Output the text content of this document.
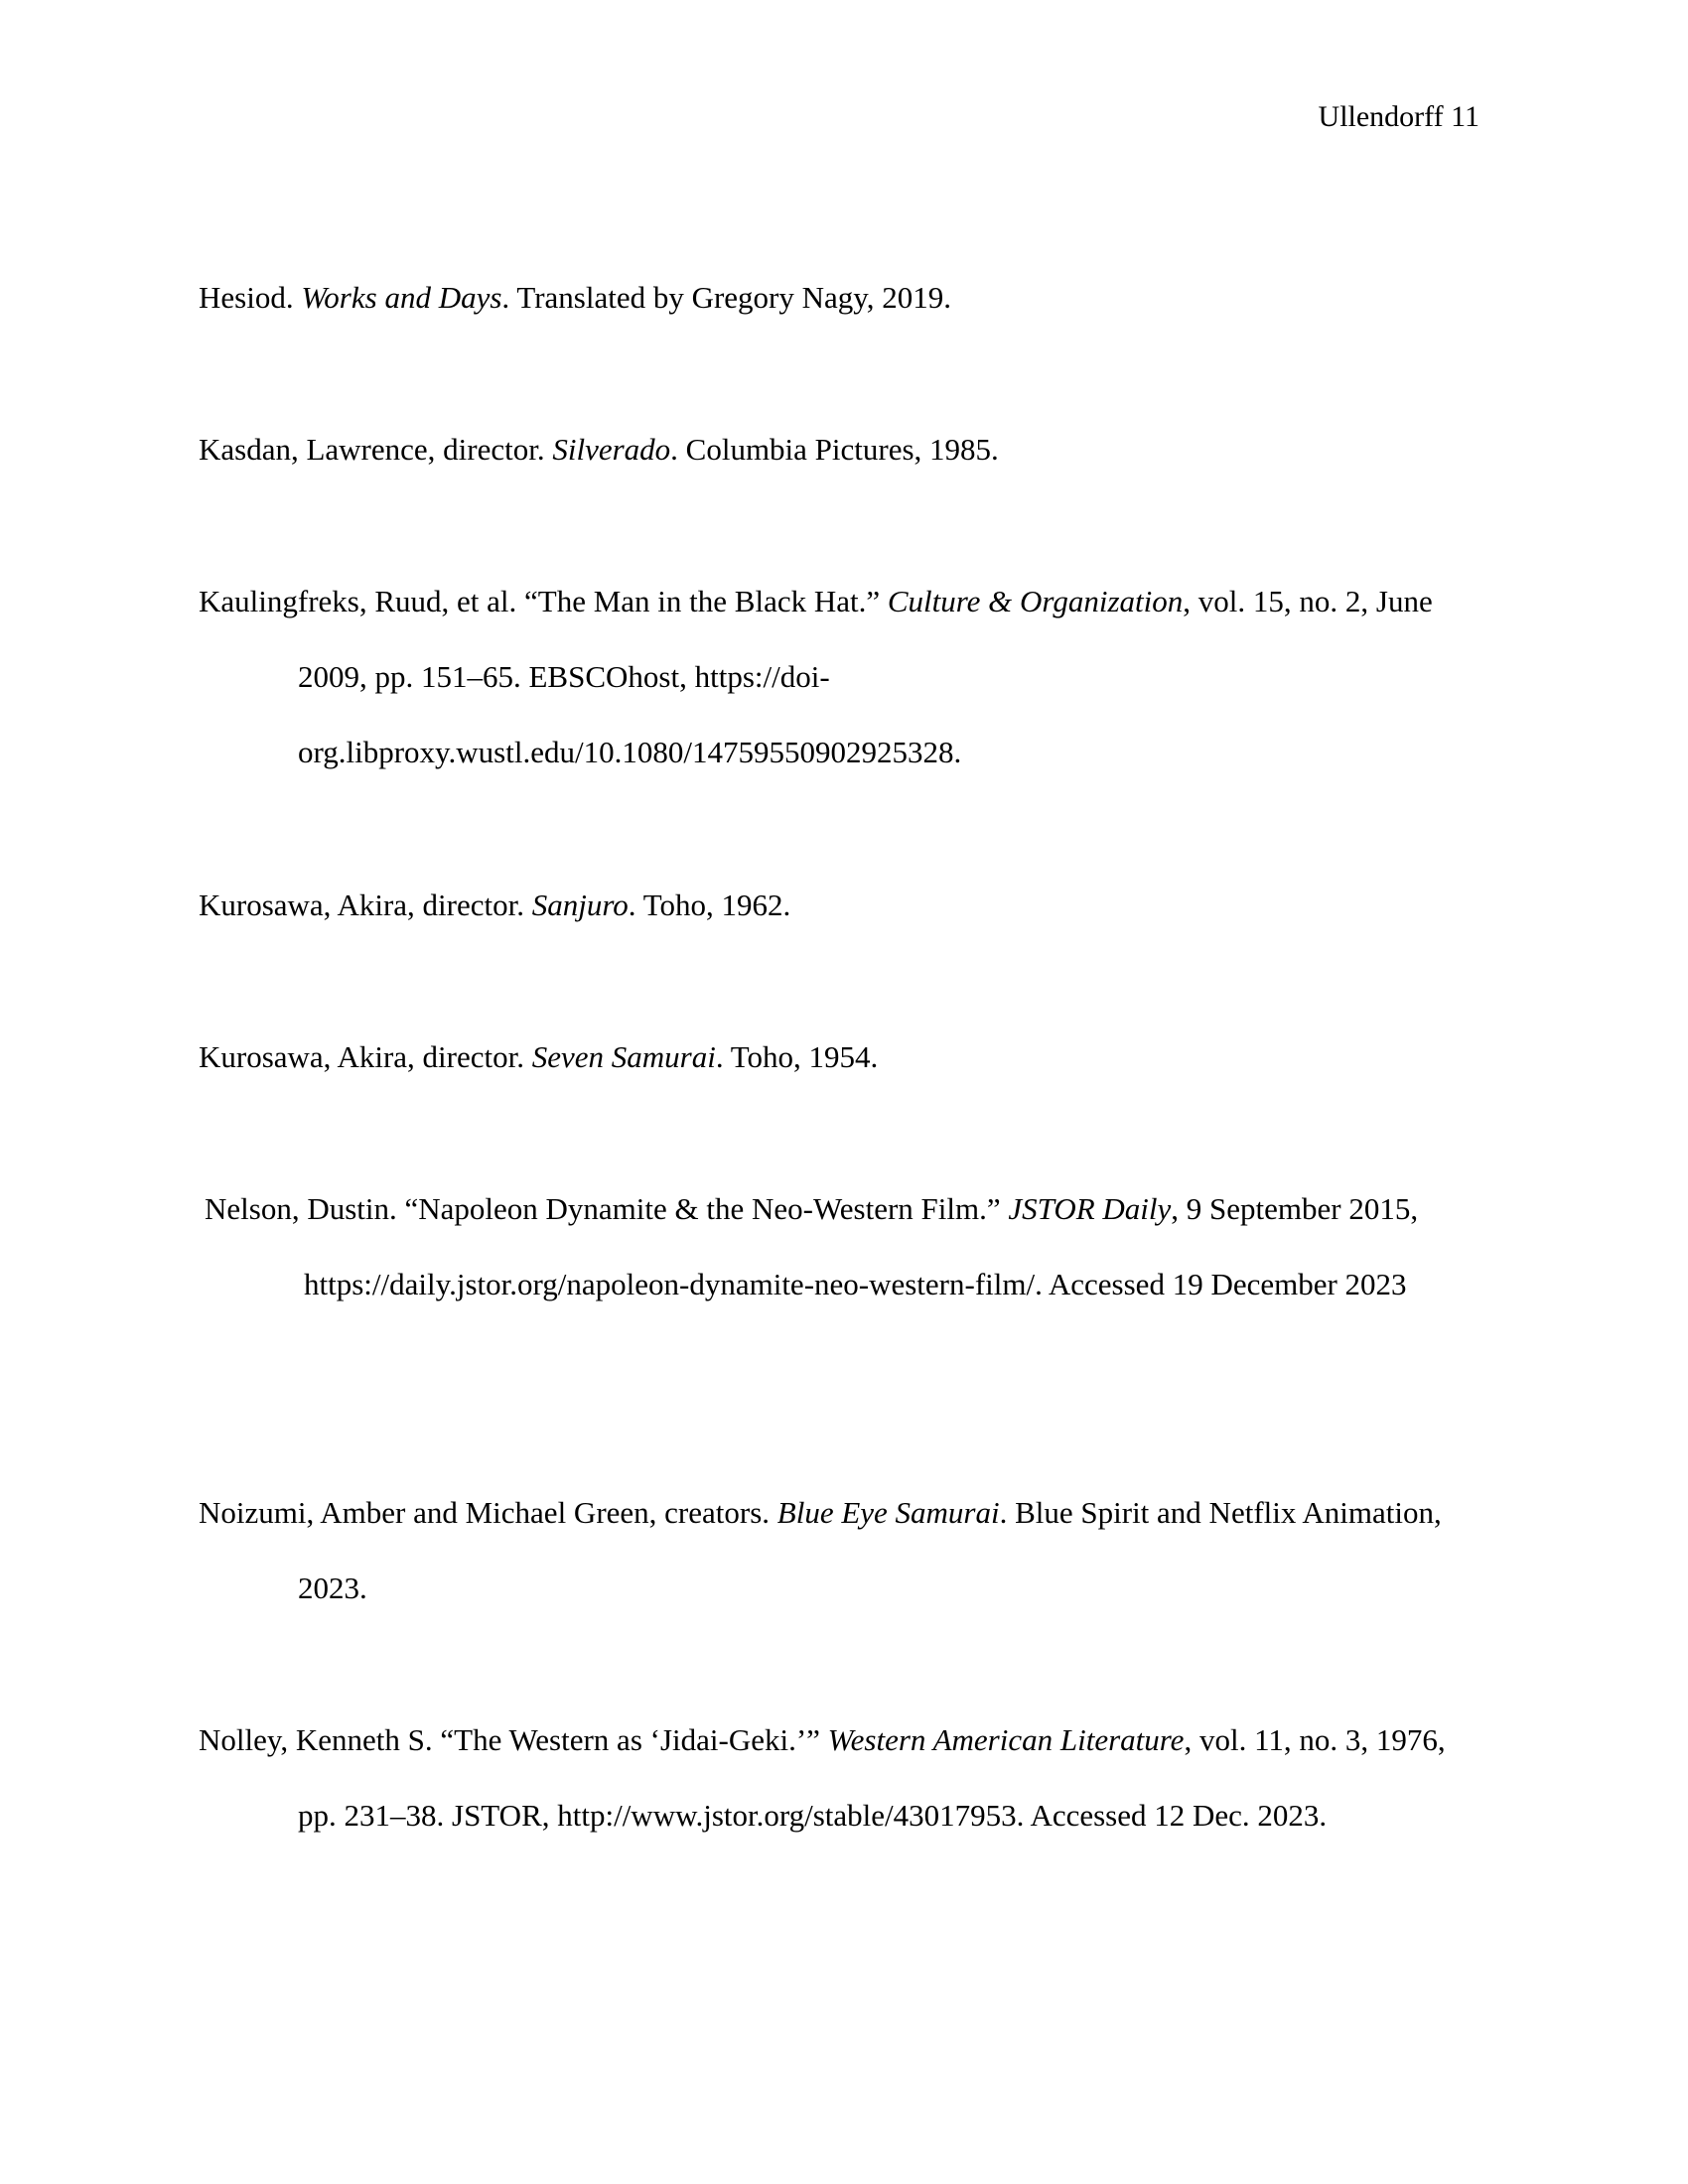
Ullendorff 11
Hesiod. Works and Days. Translated by Gregory Nagy, 2019.
Kasdan, Lawrence, director. Silverado. Columbia Pictures, 1985.
Kaulingfreks, Ruud, et al. “The Man in the Black Hat.” Culture & Organization, vol. 15, no. 2, June 2009, pp. 151–65. EBSCOhost, https://doi-org.libproxy.wustl.edu/10.1080/14759550902925328.
Kurosawa, Akira, director. Sanjuro. Toho, 1962.
Kurosawa, Akira, director. Seven Samurai. Toho, 1954.
Nelson, Dustin. “Napoleon Dynamite & the Neo-Western Film.” JSTOR Daily, 9 September 2015, https://daily.jstor.org/napoleon-dynamite-neo-western-film/. Accessed 19 December 2023
Noizumi, Amber and Michael Green, creators. Blue Eye Samurai. Blue Spirit and Netflix Animation, 2023.
Nolley, Kenneth S. “The Western as ‘Jidai-Geki.’” Western American Literature, vol. 11, no. 3, 1976, pp. 231–38. JSTOR, http://www.jstor.org/stable/43017953. Accessed 12 Dec. 2023.
